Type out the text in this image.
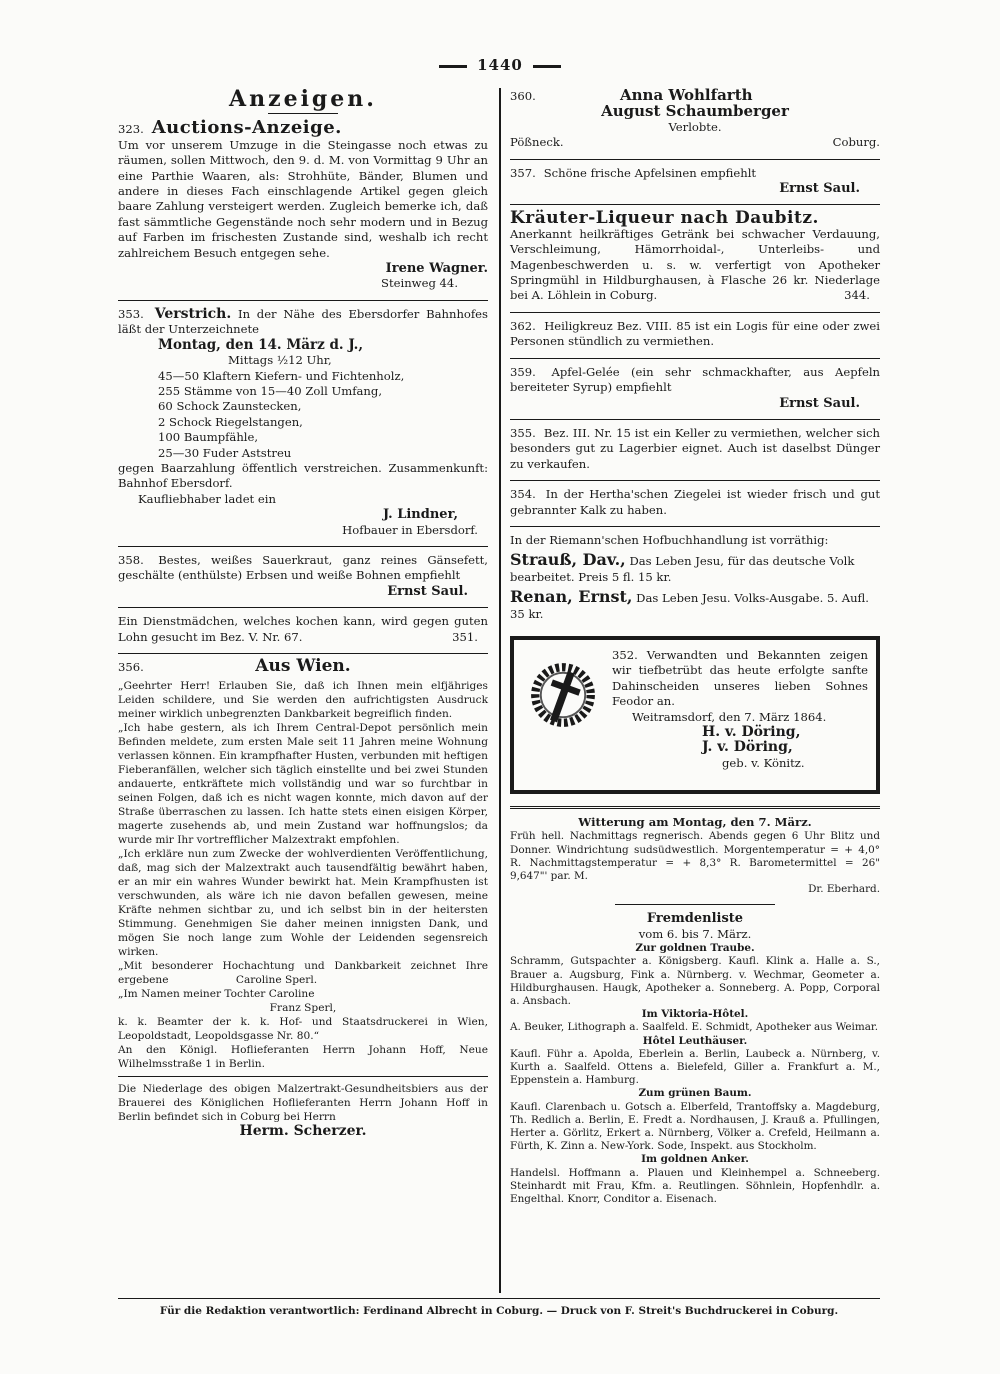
1440
Anzeigen.
323. Auctions-Anzeige.
Um vor unserem Umzuge in die Steingasse noch etwas zu räumen, sollen Mittwoch, den 9. d. M. von Vormittag 9 Uhr an eine Parthie Waaren, als: Strohhüte, Bänder, Blumen und andere in dieses Fach einschlagende Artikel gegen gleich baare Zahlung versteigert werden. Zugleich bemerke ich, daß fast sämmtliche Gegenstände noch sehr modern und in Bezug auf Farben im frischesten Zustande sind, weshalb ich recht zahlreichem Besuch entgegen sehe.
Irene Wagner.
Steinweg 44.
353. Verstrich. In der Nähe des Ebersdorfer Bahnhofes läßt der Unterzeichnete
Montag, den 14. März d. J.,
Mittags ½12 Uhr,
45—50 Klaftern Kiefern- und Fichtenholz,
255 Stämme von 15—40 Zoll Umfang,
60 Schock Zaunstecken,
2 Schock Riegelstangen,
100 Baumpfähle,
25—30 Fuder Aststreu
gegen Baarzahlung öffentlich verstreichen. Zusammenkunft: Bahnhof Ebersdorf.
Kaufliebhaber ladet ein
J. Lindner,
Hofbauer in Ebersdorf.
358. Bestes, weißes Sauerkraut, ganz reines Gänsefett, geschälte (enthülste) Erbsen und weiße Bohnen empfiehlt
Ernst Saul.
Ein Dienstmädchen, welches kochen kann, wird gegen guten Lohn gesucht im Bez. V. Nr. 67.	351.
356.	Aus Wien.
„Geehrter Herr! Erlauben Sie, daß ich Ihnen mein elfjähriges Leiden schildere, und Sie werden den aufrichtigsten Ausdruck meiner wirklich unbegrenzten Dankbarkeit begreiflich finden.
„Ich habe gestern, als ich Ihrem Central-Depot persönlich mein Befinden meldete, zum ersten Male seit 11 Jahren meine Wohnung verlassen können. Ein krampfhafter Husten, verbunden mit heftigen Fieberanfällen, welcher sich täglich einstellte und bei zwei Stunden andauerte, entkräftete mich vollständig und war so furchtbar in seinen Folgen, daß ich es nicht wagen konnte, mich davon auf der Straße überraschen zu lassen. Ich hatte stets einen eisigen Körper, magerte zusehends ab, und mein Zustand war hoffnungslos; da wurde mir Ihr vortrefflicher Malzextrakt empfohlen.
„Ich erkläre nun zum Zwecke der wohlverdienten Veröffentlichung, daß, mag sich der Malzextrakt auch tausendfältig bewährt haben, er an mir ein wahres Wunder bewirkt hat. Mein Krampfhusten ist verschwunden, als wäre ich nie davon befallen gewesen, meine Kräfte nehmen sichtbar zu, und ich selbst bin in der heitersten Stimmung. Genehmigen Sie daher meinen innigsten Dank, und mögen Sie noch lange zum Wohle der Leidenden segensreich wirken.
„Mit besonderer Hochachtung und Dankbarkeit zeichnet Ihre ergebene                    Caroline Sperl.
„Im Namen meiner Tochter Caroline
Franz Sperl,
k. k. Beamter der k. k. Hof- und Staatsdruckerei in Wien, Leopoldstadt, Leopoldsgasse Nr. 80.“
An den Königl. Hoflieferanten Herrn Johann Hoff, Neue Wilhelmsstraße 1 in Berlin.
Die Niederlage des obigen Malzertrakt-Gesundheitsbiers aus der Brauerei des Königlichen Hoflieferanten Herrn Johann Hoff in Berlin befindet sich in Coburg bei Herrn
Herm. Scherzer.
360.	Anna Wohlfarth
August Schaumberger
Verlobte.
Pößneck.	Coburg.
357. Schöne frische Apfelsinen empfiehlt
Ernst Saul.
Kräuter-Liqueur nach Daubitz.
Anerkannt heilkräftiges Getränk bei schwacher Verdauung, Verschleimung, Hämorrhoidal-, Unterleibs- und Magenbeschwerden u. s. w. verfertigt von Apotheker Springmühl in Hildburghausen, à Flasche 26 kr. Niederlage bei A. Löhlein in Coburg.	344.
362. Heiligkreuz Bez. VIII. 85 ist ein Logis für eine oder zwei Personen stündlich zu vermiethen.
359. Apfel-Gelée (ein sehr schmackhafter, aus Aepfeln bereiteter Syrup) empfiehlt
Ernst Saul.
355. Bez. III. Nr. 15 ist ein Keller zu vermiethen, welcher sich besonders gut zu Lagerbier eignet. Auch ist daselbst Dünger zu verkaufen.
354. In der Hertha'schen Ziegelei ist wieder frisch und gut gebrannter Kalk zu haben.
In der Riemann'schen Hofbuchhandlung ist vorräthig:
Strauß, Dav., Das Leben Jesu, für das deutsche Volk bearbeitet. Preis 5 fl. 15 kr.
Renan, Ernst, Das Leben Jesu. Volks-Ausgabe. 5. Aufl. 35 kr.
352. Verwandten und Bekannten zeigen wir tiefbetrübt das heute erfolgte sanfte Dahinscheiden unseres lieben Sohnes Feodor an.
Weitramsdorf, den 7. März 1864.
H. v. Döring,
J. v. Döring,
geb. v. Könitz.
Witterung am Montag, den 7. März.
Früh hell. Nachmittags regnerisch. Abends gegen 6 Uhr Blitz und Donner. Windrichtung sudsüdwestlich. Morgentemperatur = + 4,0° R. Nachmittagstemperatur = + 8,3° R. Barometermittel = 26" 9,647"' par. M.
Dr. Eberhard.
Fremdenliste
vom 6. bis 7. März.
Zur goldnen Traube.
Schramm, Gutspachter a. Königsberg. Kaufl. Klink a. Halle a. S., Brauer a. Augsburg, Fink a. Nürnberg. v. Wechmar, Geometer a. Hildburghausen. Haugk, Apotheker a. Sonneberg. A. Popp, Corporal a. Ansbach.
Im Viktoria-Hôtel.
A. Beuker, Lithograph a. Saalfeld. E. Schmidt, Apotheker aus Weimar.
Hôtel Leuthäuser.
Kaufl. Führ a. Apolda, Eberlein a. Berlin, Laubeck a. Nürnberg, v. Kurth a. Saalfeld. Ottens a. Bielefeld, Giller a. Frankfurt a. M., Eppenstein a. Hamburg.
Zum grünen Baum.
Kaufl. Clarenbach u. Gotsch a. Elberfeld, Trantoffsky a. Magdeburg, Th. Redlich a. Berlin, E. Fredt a. Nordhausen, J. Krauß a. Pfullingen, Herter a. Görlitz, Erkert a. Nürnberg, Völker a. Crefeld, Heilmann a. Fürth, K. Zinn a. New-York. Sode, Inspekt. aus Stockholm.
Im goldnen Anker.
Handelsl. Hoffmann a. Plauen und Kleinhempel a. Schneeberg. Steinhardt mit Frau, Kfm. a. Reutlingen. Söhnlein, Hopfenhdlr. a. Engelthal. Knorr, Conditor a. Eisenach.
Für die Redaktion verantwortlich: Ferdinand Albrecht in Coburg. — Druck von F. Streit's Buchdruckerei in Coburg.
